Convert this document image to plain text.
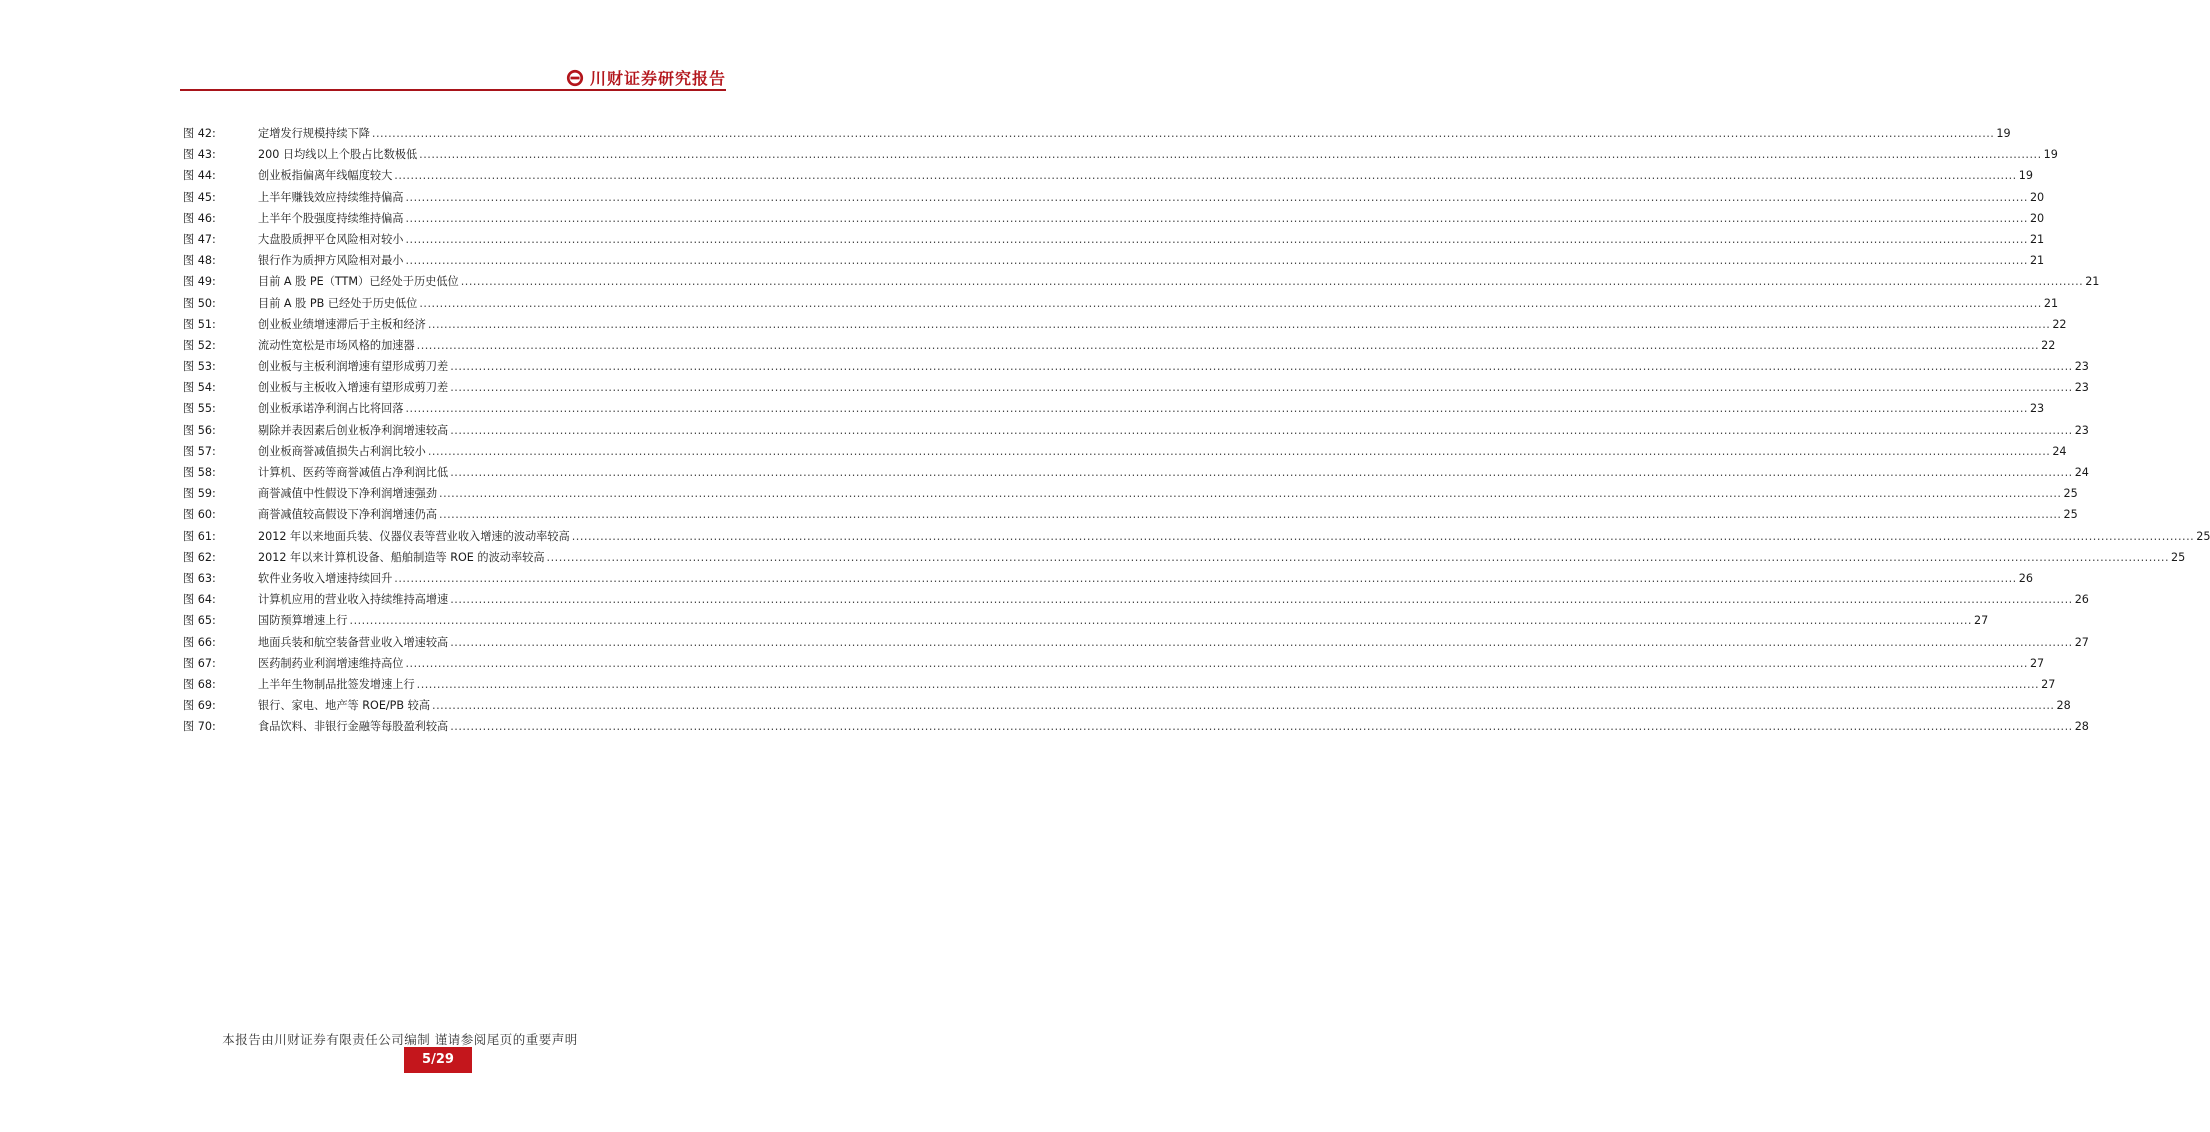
川财证券研究报告
图 42:	定增发行规模持续下降 ................................................................................................................................................................................................................................................................................................................................................................................................................ 19
图 43:	200 日均线以上个股占比数极低 ................................................................................................................................................................................................................................................................................................................................................................................................................ 19
图 44:	创业板指偏离年线幅度较大 ................................................................................................................................................................................................................................................................................................................................................................................................................ 19
图 45:	上半年赚钱效应持续维持偏高 ................................................................................................................................................................................................................................................................................................................................................................................................................ 20
图 46:	上半年个股强度持续维持偏高 ................................................................................................................................................................................................................................................................................................................................................................................................................ 20
图 47:	大盘股质押平仓风险相对较小 ................................................................................................................................................................................................................................................................................................................................................................................................................ 21
图 48:	银行作为质押方风险相对最小 ................................................................................................................................................................................................................................................................................................................................................................................................................ 21
图 49:	目前 A 股 PE（TTM）已经处于历史低位 ................................................................................................................................................................................................................................................................................................................................................................................................................ 21
图 50:	目前 A 股 PB 已经处于历史低位 ................................................................................................................................................................................................................................................................................................................................................................................................................ 21
图 51:	创业板业绩增速滞后于主板和经济 ................................................................................................................................................................................................................................................................................................................................................................................................................ 22
图 52:	流动性宽松是市场风格的加速器 ................................................................................................................................................................................................................................................................................................................................................................................................................ 22
图 53:	创业板与主板利润增速有望形成剪刀差 ................................................................................................................................................................................................................................................................................................................................................................................................................ 23
图 54:	创业板与主板收入增速有望形成剪刀差 ................................................................................................................................................................................................................................................................................................................................................................................................................ 23
图 55:	创业板承诺净利润占比将回落 ................................................................................................................................................................................................................................................................................................................................................................................................................ 23
图 56:	剔除并表因素后创业板净利润增速较高 ................................................................................................................................................................................................................................................................................................................................................................................................................ 23
图 57:	创业板商誉减值损失占利润比较小 ................................................................................................................................................................................................................................................................................................................................................................................................................ 24
图 58:	计算机、医药等商誉减值占净利润比低 ................................................................................................................................................................................................................................................................................................................................................................................................................ 24
图 59:	商誉减值中性假设下净利润增速强劲 ................................................................................................................................................................................................................................................................................................................................................................................................................ 25
图 60:	商誉减值较高假设下净利润增速仍高 ................................................................................................................................................................................................................................................................................................................................................................................................................ 25
图 61:	2012 年以来地面兵装、仪器仪表等营业收入增速的波动率较高 ................................................................................................................................................................................................................................................................................................................................................................................................................ 25
图 62:	2012 年以来计算机设备、船舶制造等 ROE 的波动率较高 ................................................................................................................................................................................................................................................................................................................................................................................................................ 25
图 63:	软件业务收入增速持续回升 ................................................................................................................................................................................................................................................................................................................................................................................................................ 26
图 64:	计算机应用的营业收入持续维持高增速 ................................................................................................................................................................................................................................................................................................................................................................................................................ 26
图 65:	国防预算增速上行 ................................................................................................................................................................................................................................................................................................................................................................................................................ 27
图 66:	地面兵装和航空装备营业收入增速较高 ................................................................................................................................................................................................................................................................................................................................................................................................................ 27
图 67:	医药制药业利润增速维持高位 ................................................................................................................................................................................................................................................................................................................................................................................................................ 27
图 68:	上半年生物制品批签发增速上行 ................................................................................................................................................................................................................................................................................................................................................................................................................ 27
图 69:	银行、家电、地产等 ROE/PB 较高 ................................................................................................................................................................................................................................................................................................................................................................................................................ 28
图 70:	食品饮料、非银行金融等每股盈利较高 ................................................................................................................................................................................................................................................................................................................................................................................................................ 28
本报告由川财证券有限责任公司编制 谨请参阅尾页的重要声明
5/29
